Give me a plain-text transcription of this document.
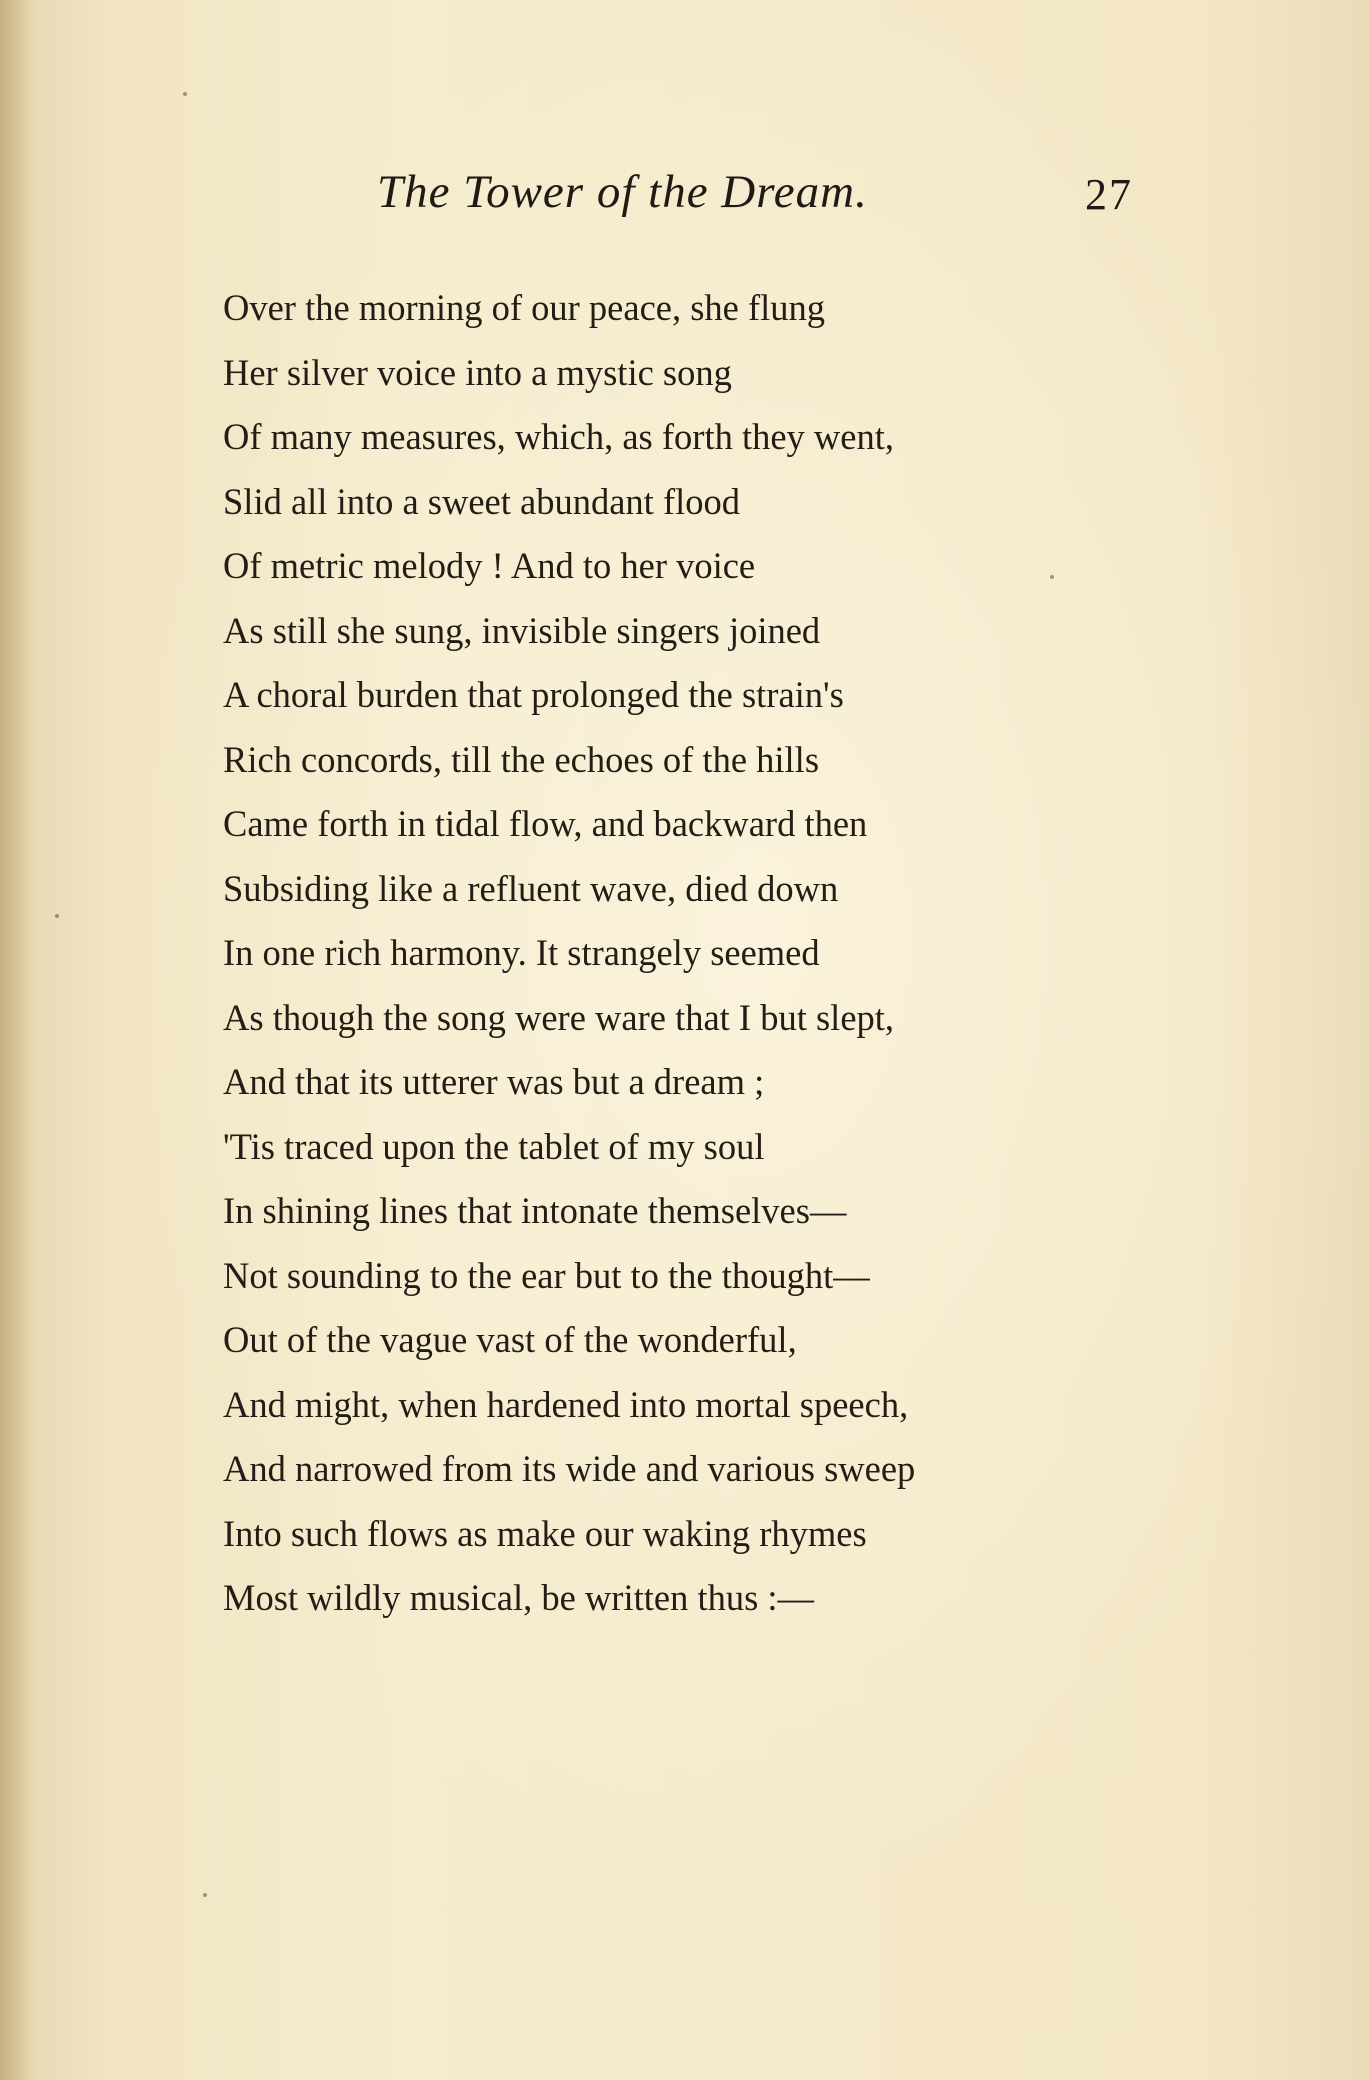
The Tower of the Dream.	27
Over the morning of our peace, she flung
Her silver voice into a mystic song
Of many measures, which, as forth they went,
Slid all into a sweet abundant flood
Of metric melody ! And to her voice
As still she sung, invisible singers joined
A choral burden that prolonged the strain's
Rich concords, till the echoes of the hills
Came forth in tidal flow, and backward then
Subsiding like a refluent wave, died down
In one rich harmony. It strangely seemed
As though the song were ware that I but slept,
And that its utterer was but a dream ;
'Tis traced upon the tablet of my soul
In shining lines that intonate themselves—
Not sounding to the ear but to the thought—
Out of the vague vast of the wonderful,
And might, when hardened into mortal speech,
And narrowed from its wide and various sweep
Into such flows as make our waking rhymes
Most wildly musical, be written thus :—
